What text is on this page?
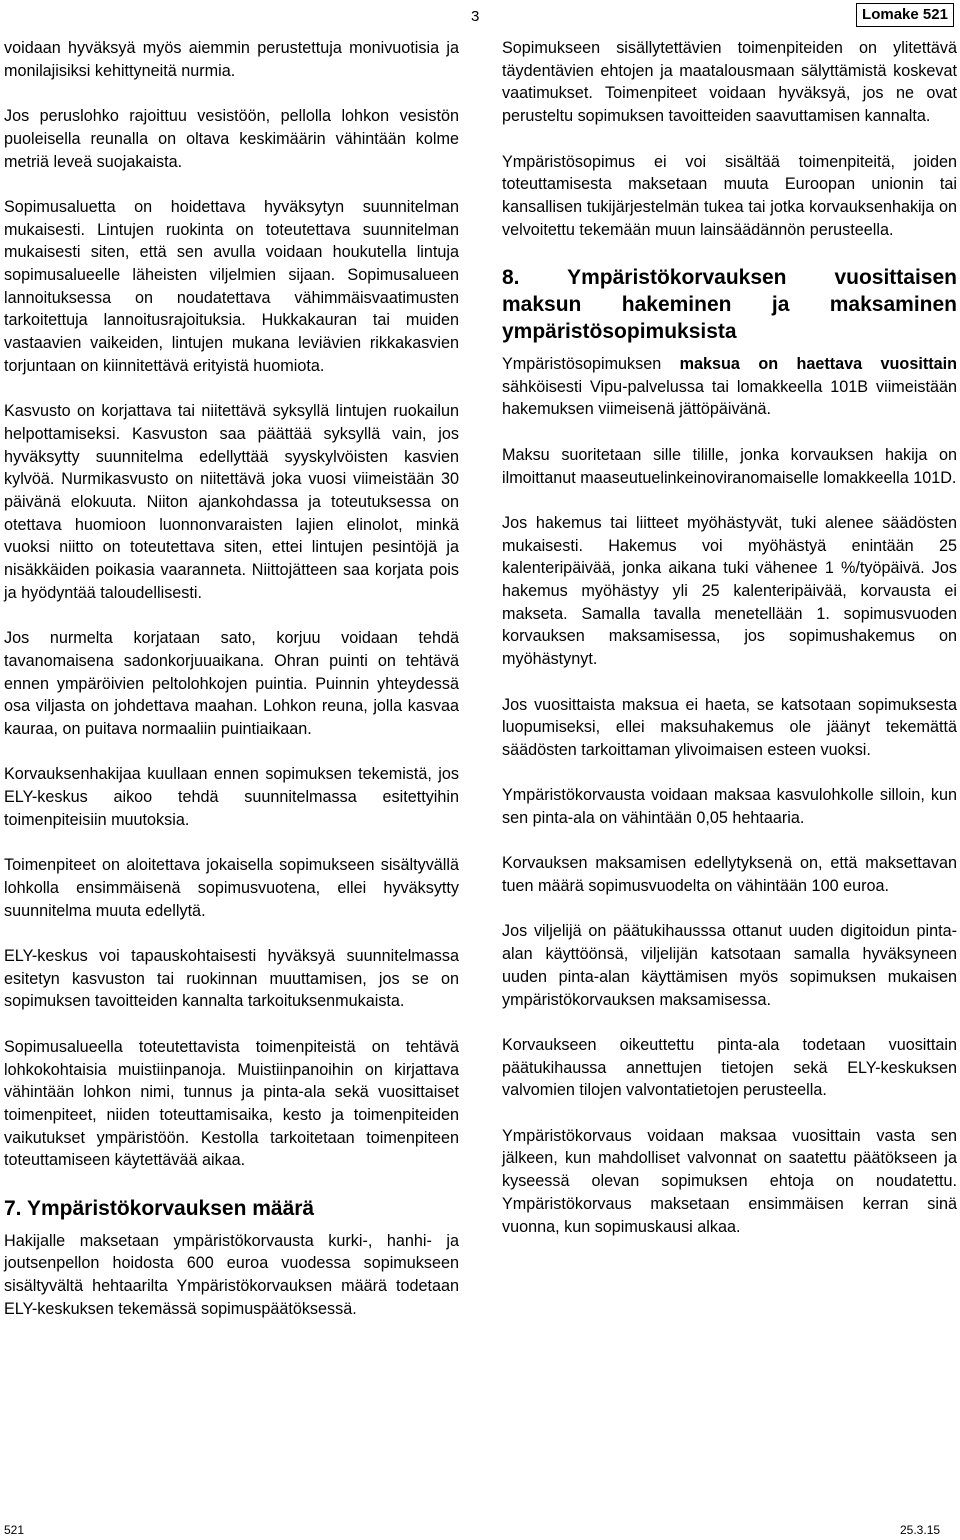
3	Lomake 521

voidaan hyväksyä myös aiemmin perustettuja monivuotisia ja monilajisiksi kehittyneitä nurmia.

Jos peruslohko rajoittuu vesistöön, pellolla lohkon vesistön puoleisella reunalla on oltava keskimäärin vähintään kolme metriä leveä suojakaista.

Sopimusaluetta on hoidettava hyväksytyn suunnitelman mukaisesti. Lintujen ruokinta on toteutettava suunnitelman mukaisesti siten, että sen avulla voidaan houkutella lintuja sopimusalueelle läheisten viljelmien sijaan. Sopimusalueen lannoituksessa on noudatettava vähimmäisvaatimusten tarkoitettuja lannoitusrajoituksia. Hukkakauran tai muiden vastaavien vaikeiden, lintujen mukana leviävien rikkakasvien torjuntaan on kiinnitettävä erityistä huomiota.

Kasvusto on korjattava tai niitettävä syksyllä lintujen ruokailun helpottamiseksi. Kasvuston saa päättää syksyllä vain, jos hyväksytty suunnitelma edellyttää syyskylvöisten kasvien kylvöä. Nurmikasvusto on niitettävä joka vuosi viimeistään 30 päivänä elokuuta. Niiton ajankohdassa ja toteutuksessa on otettava huomioon luonnonvaraisten lajien elinolot, minkä vuoksi niitto on toteutettava siten, ettei lintujen pesintöjä ja nisäkkäiden poikasia vaaranneta. Niittojätteen saa korjata pois ja hyödyntää taloudellisesti.

Jos nurmelta korjataan sato, korjuu voidaan tehdä tavanomaisena sadonkorjuuaikana. Ohran puinti on tehtävä ennen ympäröivien peltolohkojen puintia. Puinnin yhteydessä osa viljasta on johdettava maahan. Lohkon reuna, jolla kasvaa kauraa, on puitava normaaliin puintiaikaan.

Korvauksenhakijaa kuullaan ennen sopimuksen tekemistä, jos ELY-keskus aikoo tehdä suunnitelmassa esitettyihin toimenpiteisiin muutoksia.

Toimenpiteet on aloitettava jokaisella sopimukseen sisältyvällä lohkolla ensimmäisenä sopimusvuotena, ellei hyväksytty suunnitelma muuta edellytä.

ELY-keskus voi tapauskohtaisesti hyväksyä suunnitelmassa esitetyn kasvuston tai ruokinnan muuttamisen, jos se on sopimuksen tavoitteiden kannalta tarkoituksenmukaista.

Sopimusalueella toteutettavista toimenpiteistä on tehtävä lohkokohtaisia muistiinpanoja. Muistiinpanoihin on kirjattava vähintään lohkon nimi, tunnus ja pinta-ala sekä vuosittaiset toimenpiteet, niiden toteuttamisaika, kesto ja toimenpiteiden vaikutukset ympäristöön. Kestolla tarkoitetaan toimenpiteen toteuttamiseen käytettävää aikaa.

7. Ympäristökorvauksen määrä

Hakijalle maksetaan ympäristökorvausta kurki-, hanhi- ja joutsenpellon hoidosta 600 euroa vuodessa sopimukseen sisältyvältä hehtaarilta Ympäristökorvauksen määrä todetaan ELY-keskuksen tekemässä sopimuspäätöksessä.

Sopimukseen sisällytettävien toimenpiteiden on ylitettävä täydentävien ehtojen ja maatalousmaan sälyttämistä koskevat vaatimukset. Toimenpiteet voidaan hyväksyä, jos ne ovat perusteltu sopimuksen tavoitteiden saavuttamisen kannalta.

Ympäristösopimus ei voi sisältää toimenpiteitä, joiden toteuttamisesta maksetaan muuta Euroopan unionin tai kansallisen tukijärjestelmän tukea tai jotka korvauksenhakija on velvoitettu tekemään muun lainsäädännön perusteella.

8. Ympäristökorvauksen vuosittaisen maksun hakeminen ja maksaminen ympäristösopimuksista

Ympäristösopimuksen maksua on haettava vuosittain sähköisesti Vipu-palvelussa tai lomakkeella 101B viimeistään hakemuksen viimeisenä jättöpäivänä.

Maksu suoritetaan sille tilille, jonka korvauksen hakija on ilmoittanut maaseutuelinkeinoviranomaiselle lomakkeella 101D.

Jos hakemus tai liitteet myöhästyvät, tuki alenee säädösten mukaisesti. Hakemus voi myöhästyä enintään 25 kalenteripäivää, jonka aikana tuki vähenee 1 %/työpäivä. Jos hakemus myöhästyy yli 25 kalenteripäivää, korvausta ei makseta. Samalla tavalla menetellään 1. sopimusvuoden korvauksen maksamisessa, jos sopimushakemus on myöhästynyt.

Jos vuosittaista maksua ei haeta, se katsotaan sopimuksesta luopumiseksi, ellei maksuhakemus ole jäänyt tekemättä säädösten tarkoittaman ylivoimaisen esteen vuoksi.

Ympäristökorvausta voidaan maksaa kasvulohkolle silloin, kun sen pinta-ala on vähintään 0,05 hehtaaria.

Korvauksen maksamisen edellytyksenä on, että maksettavan tuen määrä sopimusvuodelta on vähintään 100 euroa.

Jos viljelijä on päätukihausssa ottanut uuden digitoidun pinta-alan käyttöönsä, viljelijän katsotaan samalla hyväksyneen uuden pinta-alan käyttämisen myös sopimuksen mukaisen ympäristökorvauksen maksamisessa.

Korvaukseen oikeuttettu pinta-ala todetaan vuosittain päätukihaussa annettujen tietojen sekä ELY-keskuksen valvomien tilojen valvontatietojen perusteella.

Ympäristökorvaus voidaan maksaa vuosittain vasta sen jälkeen, kun mahdolliset valvonnat on saatettu päätökseen ja kyseessä olevan sopimuksen ehtoja on noudatettu. Ympäristökorvaus maksetaan ensimmäisen kerran sinä vuonna, kun sopimuskausi alkaa.

521	25.3.15
